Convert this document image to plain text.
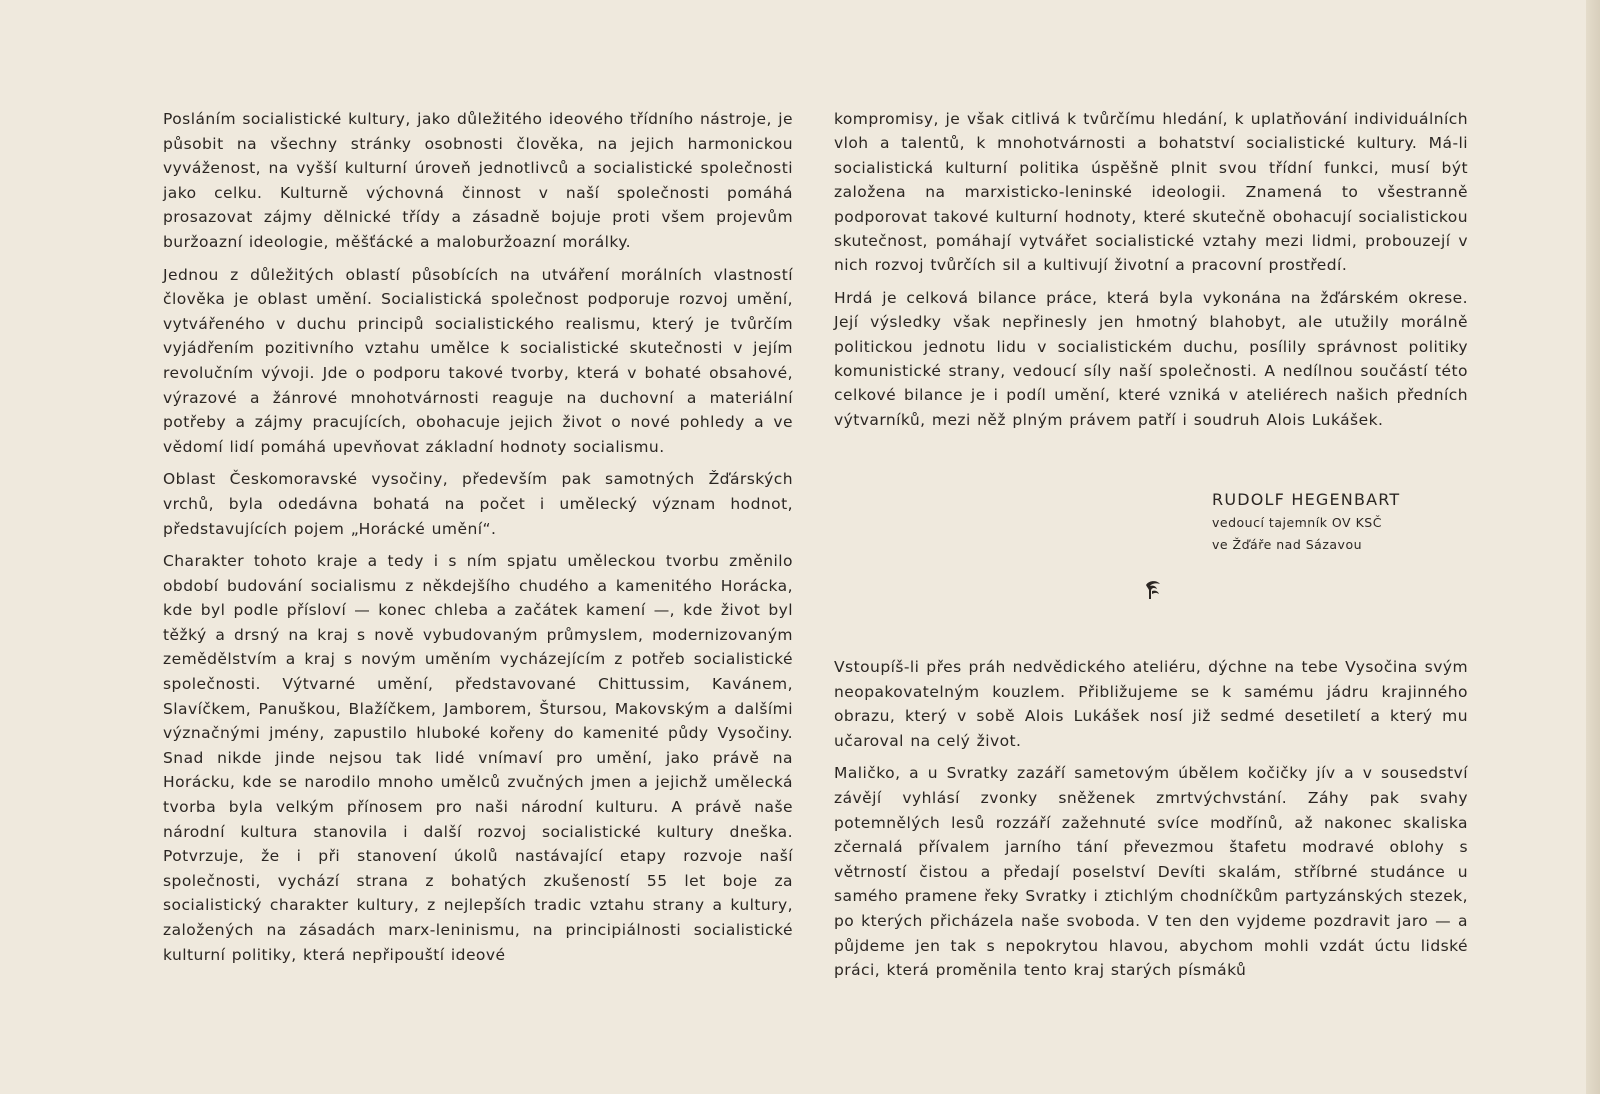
Posláním socialistické kultury, jako důležitého ideového třídního nástroje, je působit na všechny stránky osobnosti člověka, na jejich harmonickou vyváženost, na vyšší kulturní úroveň jednotlivců a socialistické společnosti jako celku. Kulturně výchovná činnost v naší společnosti pomáhá prosazovat zájmy dělnické třídy a zásadně bojuje proti všem projevům buržoazní ideologie, měšťácké a maloburžoazní morálky.

Jednou z důležitých oblastí působících na utváření morálních vlastností člověka je oblast umění. Socialistická společnost podporuje rozvoj umění, vytvářeného v duchu principů socialistického realismu, který je tvůrčím vyjádřením pozitivního vztahu umělce k socialistické skutečnosti v jejím revolučním vývoji. Jde o podporu takové tvorby, která v bohaté obsahové, výrazové a žánrové mnohotvárnosti reaguje na duchovní a materiální potřeby a zájmy pracujících, obohacuje jejich život o nové pohledy a ve vědomí lidí pomáhá upevňovat základní hodnoty socialismu.

Oblast Českomoravské vysočiny, především pak samotných Žďárských vrchů, byla odedávna bohatá na počet i umělecký význam hodnot, představujících pojem „Horácké umění“.

Charakter tohoto kraje a tedy i s ním spjatu uměleckou tvorbu změnilo období budování socialismu z někdejšího chudého a kamenitého Horácka, kde byl podle přísloví — konec chleba a začátek kamení —, kde život byl těžký a drsný na kraj s nově vybudovaným průmyslem, modernizovaným zemědělstvím a kraj s novým uměním vycházejícím z potřeb socialistické společnosti. Výtvarné umění, představované Chittussim, Kavánem, Slavíčkem, Panuškou, Blažíčkem, Jamborem, Štursou, Makovským a dalšími význačnými jmény, zapustilo hluboké kořeny do kamenité půdy Vysočiny. Snad nikde jinde nejsou tak lidé vnímaví pro umění, jako právě na Horácku, kde se narodilo mnoho umělců zvučných jmen a jejichž umělecká tvorba byla velkým přínosem pro naši národní kulturu. A právě naše národní kultura stanovila i další rozvoj socialistické kultury dneška. Potvrzuje, že i při stanovení úkolů nastávající etapy rozvoje naší společnosti, vychází strana z bohatých zkušeností 55 let boje za socialistický charakter kultury, z nejlepších tradic vztahu strany a kultury, založených na zásadách marx-leninismu, na principiálnosti socialistické kulturní politiky, která nepřipouští ideové

kompromisy, je však citlivá k tvůrčímu hledání, k uplatňování individuálních vloh a talentů, k mnohotvárnosti a bohatství socialistické kultury. Má-li socialistická kulturní politika úspěšně plnit svou třídní funkci, musí být založena na marxisticko-leninské ideologii. Znamená to všestranně podporovat takové kulturní hodnoty, které skutečně obohacují socialistickou skutečnost, pomáhají vytvářet socialistické vztahy mezi lidmi, probouzejí v nich rozvoj tvůrčích sil a kultivují životní a pracovní prostředí.

Hrdá je celková bilance práce, která byla vykonána na žďárském okrese. Její výsledky však nepřinesly jen hmotný blahobyt, ale utužily morálně politickou jednotu lidu v socialistickém duchu, posílily správnost politiky komunistické strany, vedoucí síly naší společnosti. A nedílnou součástí této celkové bilance je i podíl umění, které vzniká v ateliérech našich předních výtvarníků, mezi něž plným právem patří i soudruh Alois Lukášek.

RUDOLF HEGENBART

vedoucí tajemník OV KSČ

ve Žďáře nad Sázavou

Vstoupíš-li přes práh nedvědického ateliéru, dýchne na tebe Vysočina svým neopakovatelným kouzlem. Přibližujeme se k samému jádru krajinného obrazu, který v sobě Alois Lukášek nosí již sedmé desetiletí a který mu učaroval na celý život.

Maličko, a u Svratky zazáří sametovým úbělem kočičky jív a v sousedství závějí vyhlásí zvonky sněženek zmrtvýchvstání. Záhy pak svahy potemnělých lesů rozzáří zažehnuté svíce modřínů, až nakonec skaliska zčernalá přívalem jarního tání převezmou štafetu modravé oblohy s větrností čistou a předají poselství Devíti skalám, stříbrné studánce u samého pramene řeky Svratky i ztichlým chodníčkům partyzánských stezek, po kterých přicházela naše svoboda. V ten den vyjdeme pozdravit jaro — a půjdeme jen tak s nepokrytou hlavou, abychom mohli vzdát úctu lidské práci, která proměnila tento kraj starých písmáků
